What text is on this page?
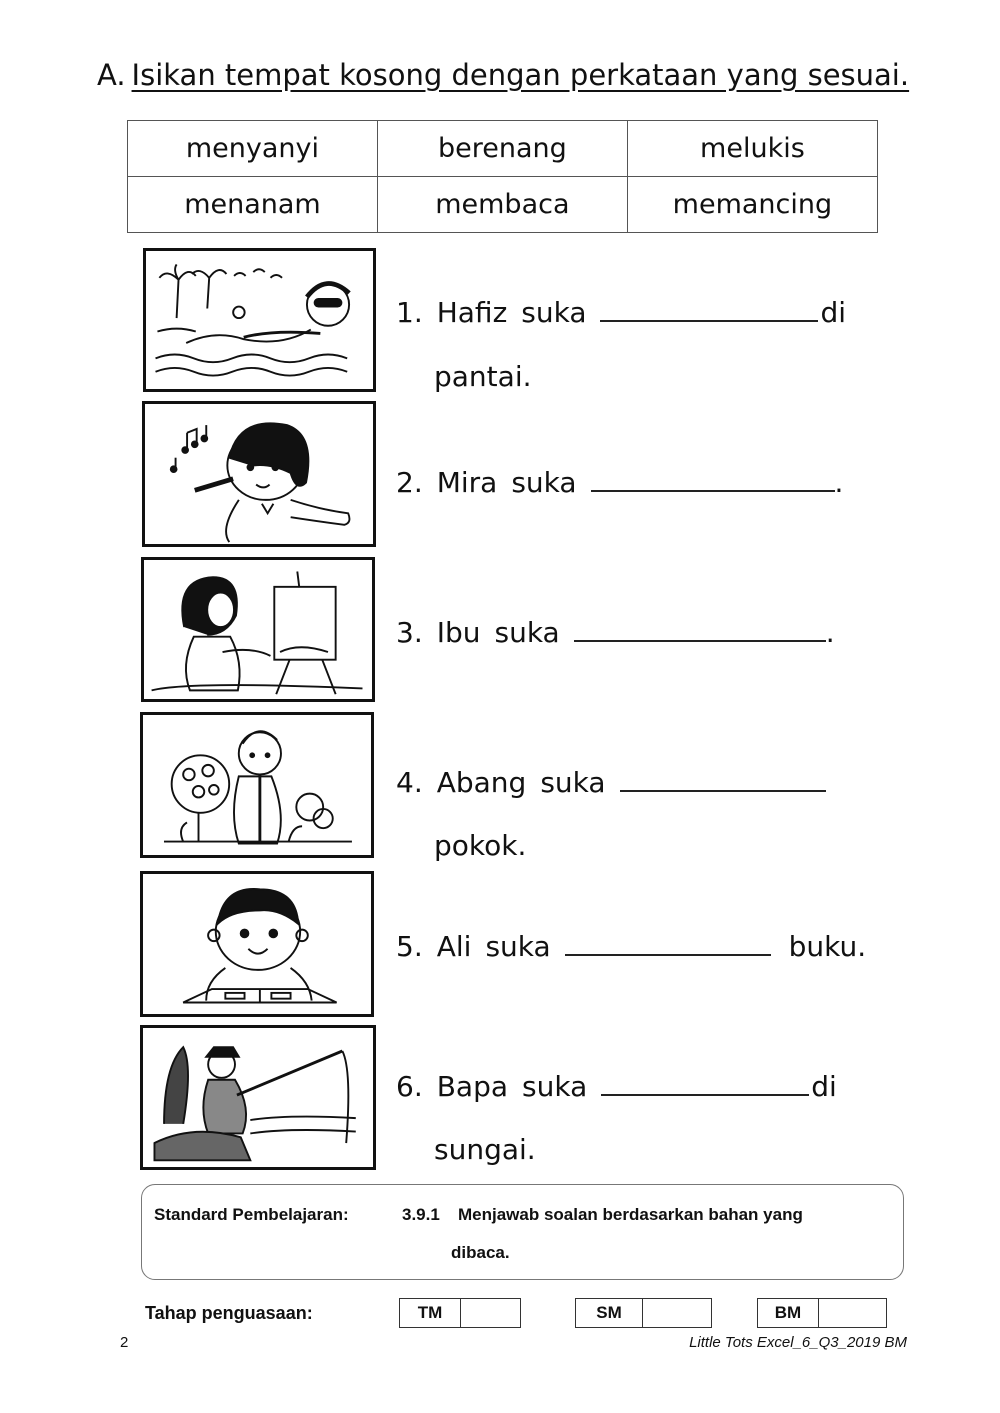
A. Isikan tempat kosong dengan perkataan yang sesuai.
menyanyi	berenang	melukis
menanam	membaca	memancing
1. Hafiz suka	di
pantai.
2. Mira suka	.
3. Ibu suka	.
4. Abang suka
pokok.
5. Ali suka	buku.
6. Bapa suka	di
sungai.
Standard Pembelajaran:	3.9.1 Menjawab soalan berdasarkan bahan yang
dibaca.
Tahap penguasaan:	TM	SM	BM
2	Little Tots Excel_6_Q3_2019 BM
